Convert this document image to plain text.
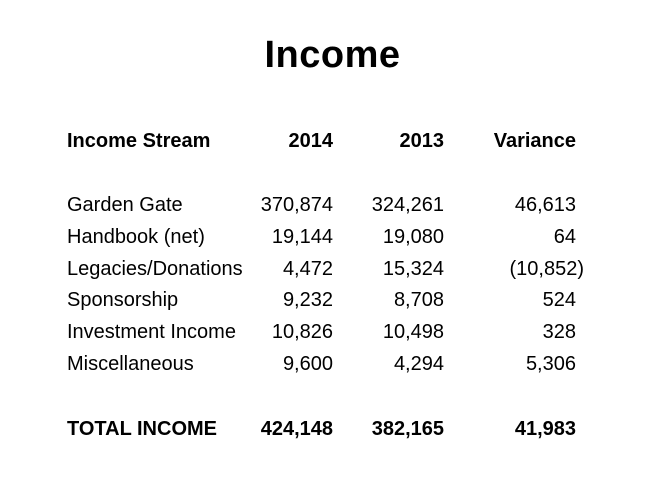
Income
Income Stream	2014	2013 Variance
Garden Gate	370,874 324,261	46,613
Handbook (net)	19,144 19,080	64
Legacies/Donations 4,472 15,324	(10,852)
Sponsorship	9,232	8,708	524
Investment Income 10,826 10,498	328
Miscellaneous	9,600	4,294	5,306
TOTAL INCOME 424,148 382,165	41,983
